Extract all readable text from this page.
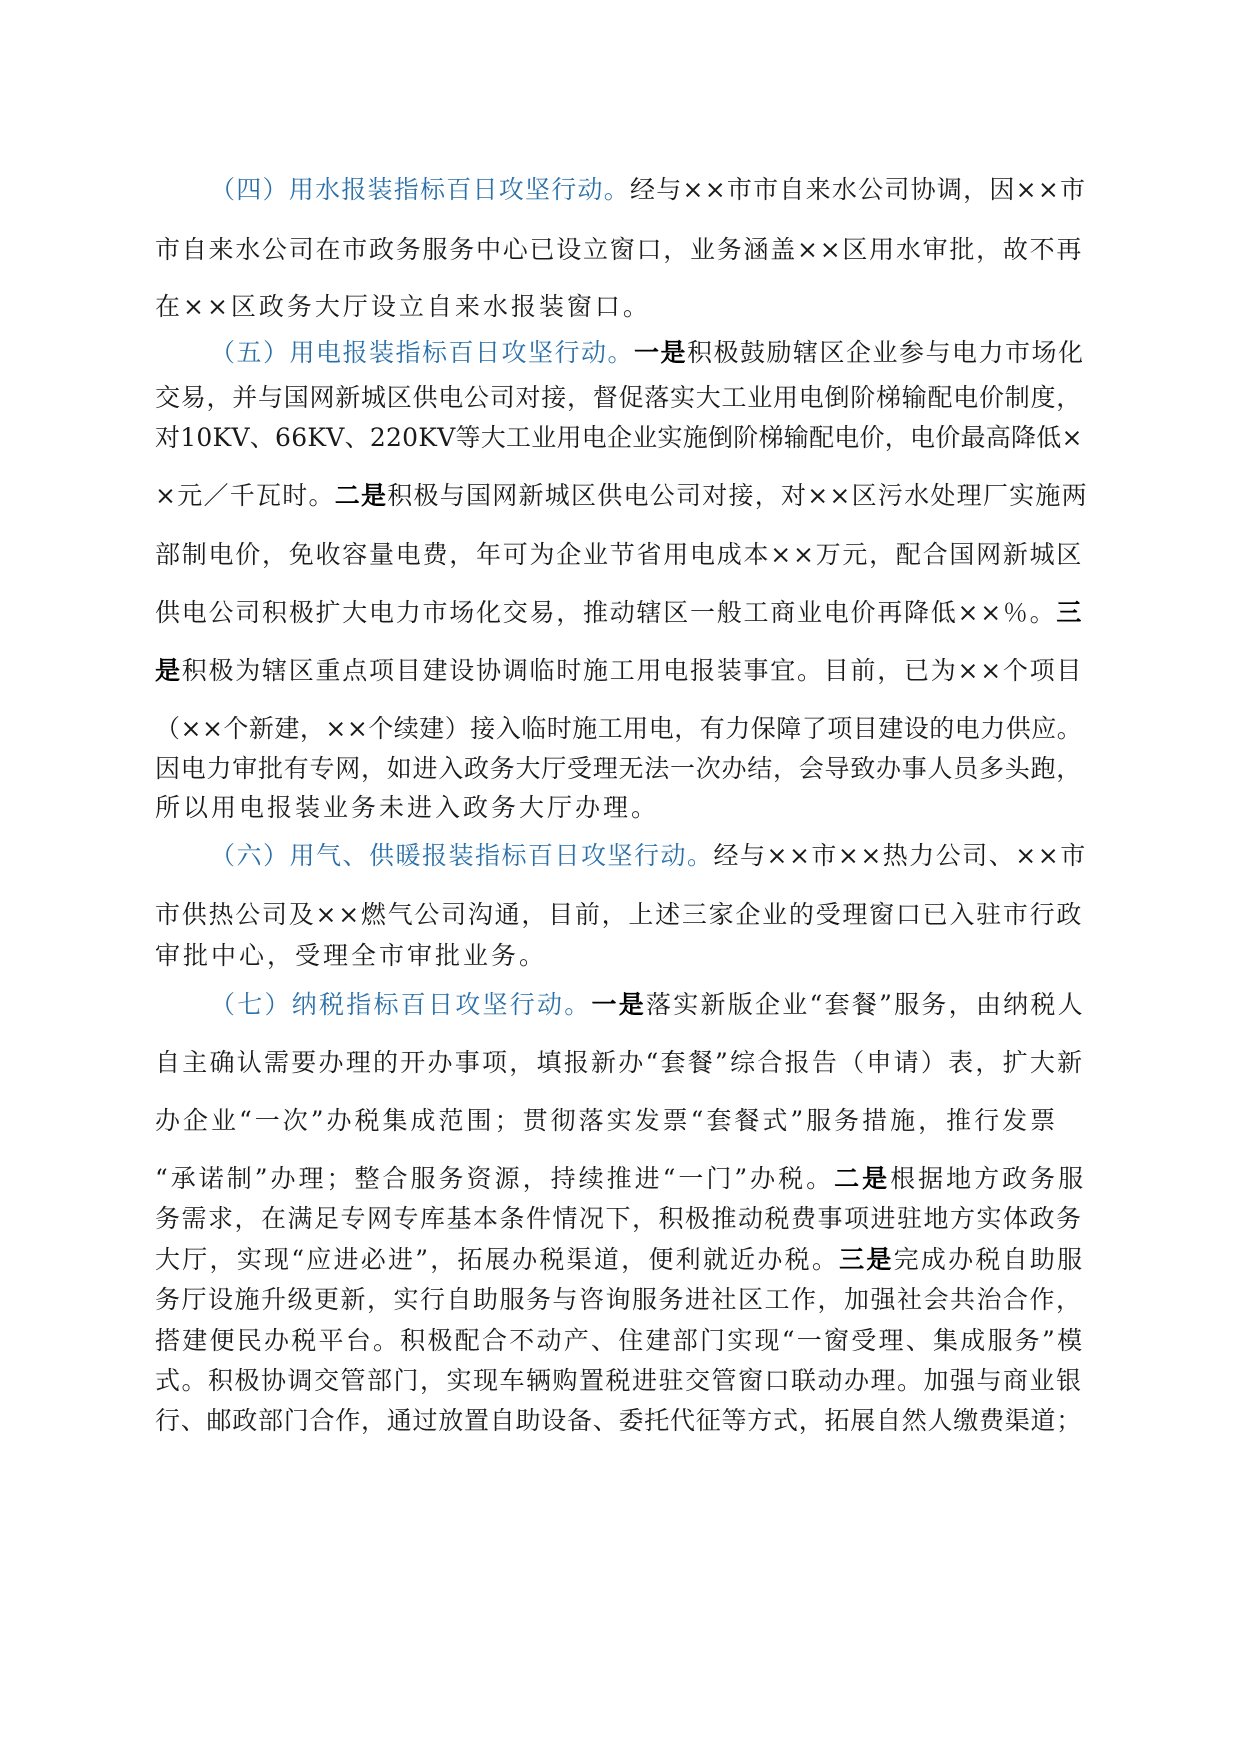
（四）用水报装指标百日攻坚行动。经与××市市自来水公司协调，因××市
市自来水公司在市政务服务中心已设立窗口，业务涵盖××区用水审批，故不再
在××区政务大厅设立自来水报装窗口。
（五）用电报装指标百日攻坚行动。一是积极鼓励辖区企业参与电力市场化
交易，并与国网新城区供电公司对接，督促落实大工业用电倒阶梯输配电价制度，
对10KV、66KV、220KV等大工业用电企业实施倒阶梯输配电价，电价最高降低×
×元／千瓦时。二是积极与国网新城区供电公司对接，对××区污水处理厂实施两
部制电价，免收容量电费，年可为企业节省用电成本××万元，配合国网新城区
供电公司积极扩大电力市场化交易，推动辖区一般工商业电价再降低××％。三
是积极为辖区重点项目建设协调临时施工用电报装事宜。目前，已为××个项目
（××个新建，××个续建）接入临时施工用电，有力保障了项目建设的电力供应。
因电力审批有专网，如进入政务大厅受理无法一次办结，会导致办事人员多头跑，
所以用电报装业务未进入政务大厅办理。
（六）用气、供暖报装指标百日攻坚行动。经与××市××热力公司、××市
市供热公司及××燃气公司沟通，目前，上述三家企业的受理窗口已入驻市行政
审批中心，受理全市审批业务。
（七）纳税指标百日攻坚行动。一是落实新版企业“套餐”服务，由纳税人
自主确认需要办理的开办事项，填报新办“套餐”综合报告（申请）表，扩大新
办企业“一次”办税集成范围；贯彻落实发票“套餐式”服务措施，推行发票
“承诺制”办理；整合服务资源，持续推进“一门”办税。二是根据地方政务服
务需求，在满足专网专库基本条件情况下，积极推动税费事项进驻地方实体政务
大厅，实现“应进必进”，拓展办税渠道，便利就近办税。三是完成办税自助服
务厅设施升级更新，实行自助服务与咨询服务进社区工作，加强社会共治合作，
搭建便民办税平台。积极配合不动产、住建部门实现“一窗受理、集成服务”模
式。积极协调交管部门，实现车辆购置税进驻交管窗口联动办理。加强与商业银
行、邮政部门合作，通过放置自助设备、委托代征等方式，拓展自然人缴费渠道；
